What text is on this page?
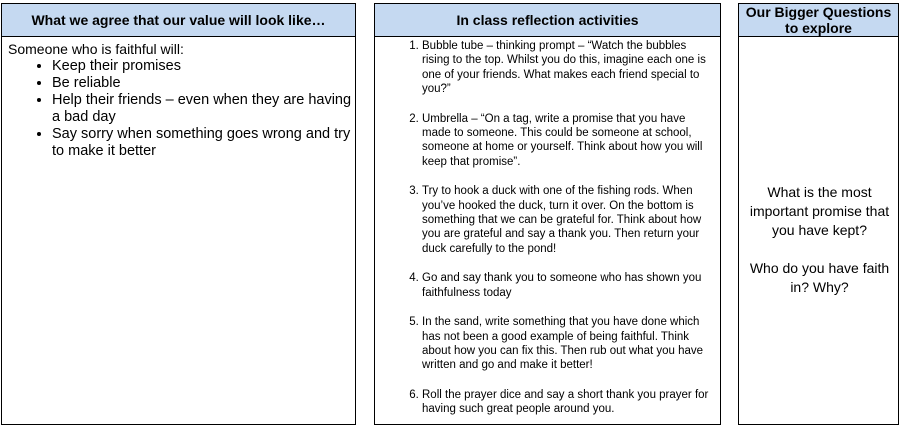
What we agree that our value will look like…
Someone who is faithful will:
• Keep their promises
• Be reliable
• Help their friends – even when they are having a bad day
• Say sorry when something goes wrong and try to make it better
In class reflection activities
1. Bubble tube – thinking prompt – “Watch the bubbles rising to the top. Whilst you do this, imagine each one is one of your friends. What makes each friend special to you?”
2. Umbrella – “On a tag, write a promise that you have made to someone. This could be someone at school, someone at home or yourself. Think about how you will keep that promise”.
3. Try to hook a duck with one of the fishing rods. When you’ve hooked the duck, turn it over. On the bottom is something that we can be grateful for. Think about how you are grateful and say a thank you. Then return your duck carefully to the pond!
4. Go and say thank you to someone who has shown you faithfulness today
5. In the sand, write something that you have done which has not been a good example of being faithful. Think about how you can fix this. Then rub out what you have written and go and make it better!
6. Roll the prayer dice and say a short thank you prayer for having such great people around you.
Our Bigger Questions to explore
What is the most important promise that you have kept?
Who do you have faith in? Why?
